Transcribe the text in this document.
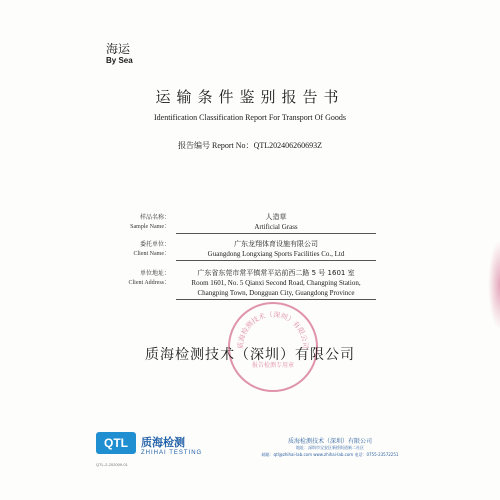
海运
By Sea
运输条件鉴别报告书
Identification Classification Report For Transport Of Goods
报告编号 Report No：QTL202406260693Z
样品名称：
Sample Name：
人造草
Artificial Grass
委托单位：
Client Name：
广东龙翔体育设施有限公司
Guangdong Longxiang Sports Facilities Co., Ltd
单位地址：
Client Address：
广东省东莞市常平镇常平站前西二路 5 号 1601 室
Room 1601, No. 5 Qianxi Second Road, Changping Station, Changping Town, Dongguan City, Guangdong Province
质海检测技术（深圳）有限公司
报告检测专用章
质海检测技术（深圳）有限公司
QTL	质海检测
ZHIHAI TESTING
QTL-2-202009-01
质海检测技术（深圳）有限公司
地址：深圳市宝安区新桥街道新二社区
邮箱：qtl@zhihai-lab.com www.zhihai-lab.com 电话：0755-23572251
